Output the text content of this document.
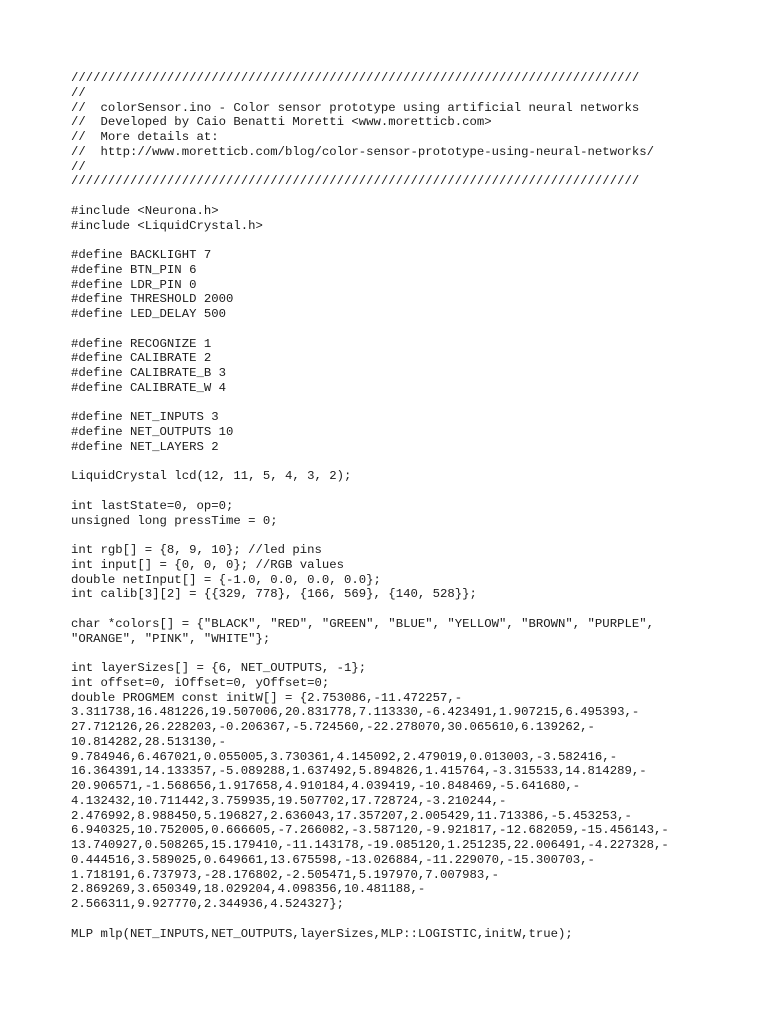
/////////////////////////////////////////////////////////////////////////////
//
//  colorSensor.ino - Color sensor prototype using artificial neural networks
//  Developed by Caio Benatti Moretti <www.moretticb.com>
//  More details at:
//  http://www.moretticb.com/blog/color-sensor-prototype-using-neural-networks/
//
/////////////////////////////////////////////////////////////////////////////
#include <Neurona.h>
#include <LiquidCrystal.h>
#define BACKLIGHT 7
#define BTN_PIN 6
#define LDR_PIN 0
#define THRESHOLD 2000
#define LED_DELAY 500
#define RECOGNIZE 1
#define CALIBRATE 2
#define CALIBRATE_B 3
#define CALIBRATE_W 4
#define NET_INPUTS 3
#define NET_OUTPUTS 10
#define NET_LAYERS 2
LiquidCrystal lcd(12, 11, 5, 4, 3, 2);
int lastState=0, op=0;
unsigned long pressTime = 0;
int rgb[] = {8, 9, 10}; //led pins
int input[] = {0, 0, 0}; //RGB values
double netInput[] = {-1.0, 0.0, 0.0, 0.0};
int calib[3][2] = {{329, 778}, {166, 569}, {140, 528}};
char *colors[] = {"BLACK", "RED", "GREEN", "BLUE", "YELLOW", "BROWN", "PURPLE",
"ORANGE", "PINK", "WHITE"};
int layerSizes[] = {6, NET_OUTPUTS, -1};
int offset=0, iOffset=0, yOffset=0;
double PROGMEM const initW[] = {2.753086,-11.472257,-
3.311738,16.481226,19.507006,20.831778,7.113330,-6.423491,1.907215,6.495393,-
27.712126,26.228203,-0.206367,-5.724560,-22.278070,30.065610,6.139262,-
10.814282,28.513130,-
9.784946,6.467021,0.055005,3.730361,4.145092,2.479019,0.013003,-3.582416,-
16.364391,14.133357,-5.089288,1.637492,5.894826,1.415764,-3.315533,14.814289,-
20.906571,-1.568656,1.917658,4.910184,4.039419,-10.848469,-5.641680,-
4.132432,10.711442,3.759935,19.507702,17.728724,-3.210244,-
2.476992,8.988450,5.196827,2.636043,17.357207,2.005429,11.713386,-5.453253,-
6.940325,10.752005,0.666605,-7.266082,-3.587120,-9.921817,-12.682059,-15.456143,-
13.740927,0.508265,15.179410,-11.143178,-19.085120,1.251235,22.006491,-4.227328,-
0.444516,3.589025,0.649661,13.675598,-13.026884,-11.229070,-15.300703,-
1.718191,6.737973,-28.176802,-2.505471,5.197970,7.007983,-
2.869269,3.650349,18.029204,4.098356,10.481188,-
2.566311,9.927770,2.344936,4.524327};
MLP mlp(NET_INPUTS,NET_OUTPUTS,layerSizes,MLP::LOGISTIC,initW,true);
